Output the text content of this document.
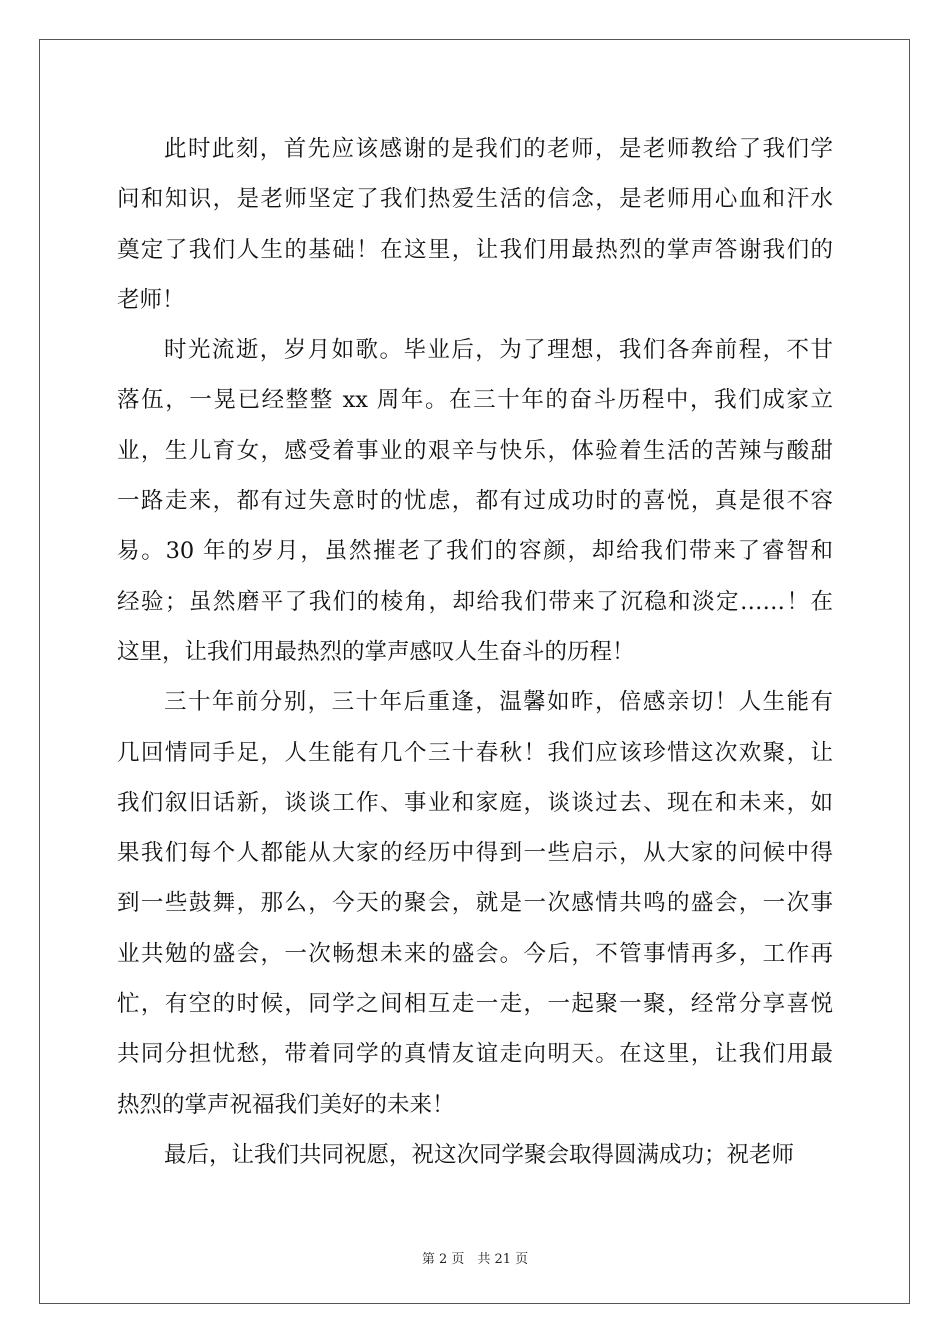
此时此刻，首先应该感谢的是我们的老师，是老师教给了我们学
问和知识，是老师坚定了我们热爱生活的信念，是老师用心血和汗水
奠定了我们人生的基础！在这里，让我们用最热烈的掌声答谢我们的
老师！
时光流逝，岁月如歌。毕业后，为了理想，我们各奔前程，不甘
落伍，一晃已经整整 xx 周年。在三十年的奋斗历程中，我们成家立
业，生儿育女，感受着事业的艰辛与快乐，体验着生活的苦辣与酸甜
一路走来，都有过失意时的忧虑，都有过成功时的喜悦，真是很不容
易。30 年的岁月，虽然摧老了我们的容颜，却给我们带来了睿智和
经验；虽然磨平了我们的棱角，却给我们带来了沉稳和淡定……！在
这里，让我们用最热烈的掌声感叹人生奋斗的历程！
三十年前分别，三十年后重逢，温馨如昨，倍感亲切！人生能有
几回情同手足，人生能有几个三十春秋！我们应该珍惜这次欢聚，让
我们叙旧话新，谈谈工作、事业和家庭，谈谈过去、现在和未来，如
果我们每个人都能从大家的经历中得到一些启示，从大家的问候中得
到一些鼓舞，那么，今天的聚会，就是一次感情共鸣的盛会，一次事
业共勉的盛会，一次畅想未来的盛会。今后，不管事情再多，工作再
忙，有空的时候，同学之间相互走一走，一起聚一聚，经常分享喜悦
共同分担忧愁，带着同学的真情友谊走向明天。在这里，让我们用最
热烈的掌声祝福我们美好的未来！
最后，让我们共同祝愿，祝这次同学聚会取得圆满成功；祝老师
第 2 页　共 21 页
